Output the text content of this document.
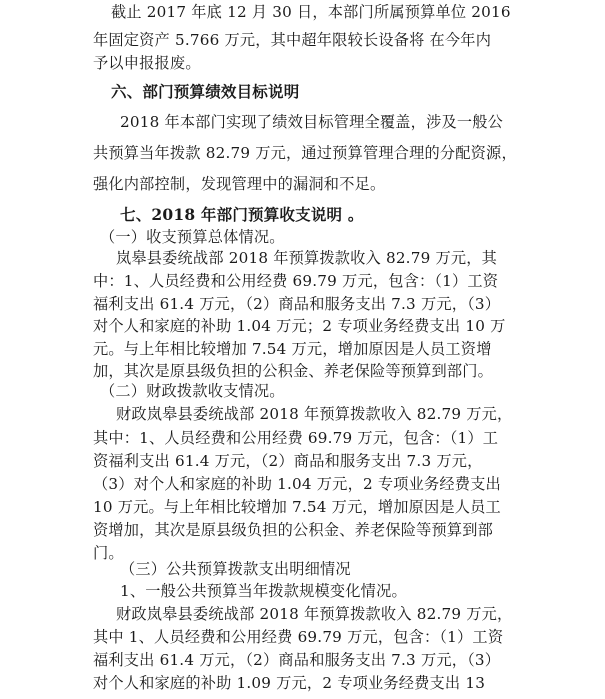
截止 2017 年底 12 月 30 日，本部门所属预算单位 2016
年固定资产 5.766 万元，其中超年限较长设备将 在今年内
予以申报报废。
六、部门预算绩效目标说明
2018 年本部门实现了绩效目标管理全覆盖，涉及一般公
共预算当年拨款 82.79 万元，通过预算管理合理的分配资源，
强化内部控制，发现管理中的漏洞和不足。
七、2018 年部门预算收支说明 。
（一）收支预算总体情况。
岚皋县委统战部 2018 年预算拨款收入 82.79 万元，其
中：1、人员经费和公用经费 69.79 万元，包含：（1）工资
福利支出 61.4 万元，（2）商品和服务支出 7.3 万元，（3）
对个人和家庭的补助 1.04 万元；2 专项业务经费支出 10 万
元。与上年相比较增加 7.54 万元，增加原因是人员工资增
加，其次是原县级负担的公积金、养老保险等预算到部门。
（二）财政拨款收支情况。
财政岚皋县委统战部 2018 年预算拨款收入 82.79 万元，
其中：1、人员经费和公用经费 69.79 万元，包含：（1）工
资福利支出 61.4 万元，（2）商品和服务支出 7.3 万元，
（3）对个人和家庭的补助 1.04 万元，2 专项业务经费支出
10 万元。与上年相比较增加 7.54 万元，增加原因是人员工
资增加，其次是原县级负担的公积金、养老保险等预算到部
门。
（三）公共预算拨款支出明细情况
1、一般公共预算当年拨款规模变化情况。
财政岚皋县委统战部 2018 年预算拨款收入 82.79 万元，
其中 1、人员经费和公用经费 69.79 万元，包含：（1）工资
福利支出 61.4 万元，（2）商品和服务支出 7.3 万元，（3）
对个人和家庭的补助 1.09 万元，2 专项业务经费支出 13
